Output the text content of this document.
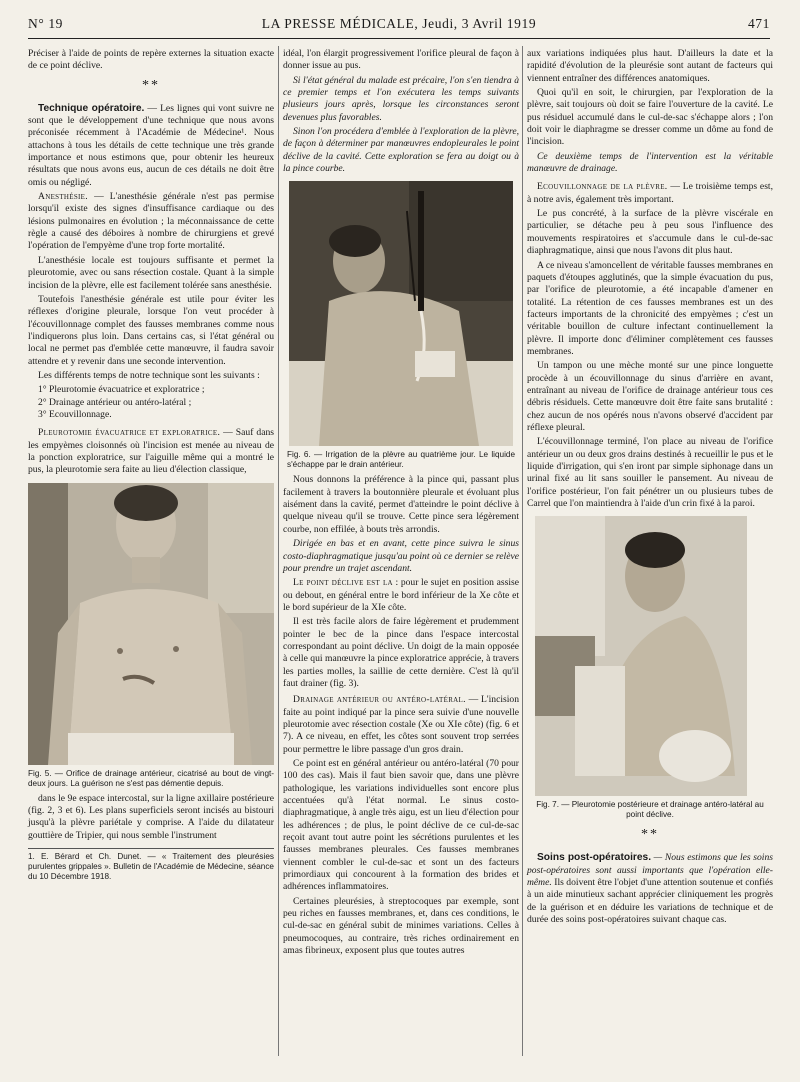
N° 19	LA PRESSE MÉDICALE, Jeudi, 3 Avril 1919	471

Préciser à l'aide de points de repère externes la situation exacte de ce point déclive.

**

Technique opératoire. — Les lignes qui vont suivre ne sont que le développement d'une technique que nous avons préconisée récemment à l'Académie de Médecine¹. Nous attachons à tous les détails de cette technique une très grande importance et nous estimons que, pour obtenir les heureux résultats que nous avons eus, aucun de ces détails ne doit être omis ou négligé.

Anesthésie. — L'anesthésie générale n'est pas permise lorsqu'il existe des signes d'insuffisance cardiaque ou des lésions pulmonaires en évolution ; la méconnaissance de cette règle a causé des déboires à nombre de chirurgiens et grevé l'opération de l'empyème d'une trop forte mortalité.

L'anesthésie locale est toujours suffisante et permet la pleurotomie, avec ou sans résection costale. Quant à la simple incision de la plèvre, elle est facilement tolérée sans anesthésie.

Toutefois l'anesthésie générale est utile pour éviter les réflexes d'origine pleurale, lorsque l'on veut procéder à l'écouvillonnage complet des fausses membranes comme nous l'indiquerons plus loin. Dans certains cas, si l'état général ou local ne permet pas d'emblée cette manœuvre, il faudra savoir attendre et y revenir dans une seconde intervention.

Les différents temps de notre technique sont les suivants :

1° Pleurotomie évacuatrice et exploratrice ;
2° Drainage antérieur ou antéro-latéral ;
3° Ecouvillonnage.

Pleurotomie évacuatrice et exploratrice. — Sauf dans les empyèmes cloisonnés où l'incision est menée au niveau de la ponction exploratrice, sur l'aiguille même qui a montré le pus, la pleurotomie sera faite au lieu d'élection classique,

Fig. 5. — Orifice de drainage antérieur, cicatrisé au bout de vingt-deux jours. La guérison ne s'est pas démentie depuis.

dans le 9e espace intercostal, sur la ligne axillaire postérieure (fig. 2, 3 et 6). Les plans superficiels seront incisés au bistouri jusqu'à la plèvre pariétale y comprise. A l'aide du dilatateur gouttière de Tripier, qui nous semble l'instrument

1. E. Bérard et Ch. Dunet. — « Traitement des pleurésies purulentes grippales ». Bulletin de l'Académie de Médecine, séance du 10 Décembre 1918.

idéal, l'on élargit progressivement l'orifice pleural de façon à donner issue au pus.

Si l'état général du malade est précaire, l'on s'en tiendra à ce premier temps et l'on exécutera les temps suivants plusieurs jours après, lorsque les circonstances seront devenues plus favorables.

Sinon l'on procédera d'emblée à l'exploration de la plèvre, de façon à déterminer par manœuvres endopleurales le point déclive de la cavité. Cette exploration se fera au doigt ou à la pince courbe.

Fig. 6. — Irrigation de la plèvre au quatrième jour. Le liquide s'échappe par le drain antérieur.

Nous donnons la préférence à la pince qui, passant plus facilement à travers la boutonnière pleurale et évoluant plus aisément dans la cavité, permet d'atteindre le point déclive à quelque niveau qu'il se trouve. Cette pince sera légèrement courbe, non effilée, à bouts très arrondis.

Dirigée en bas et en avant, cette pince suivra le sinus costo-diaphragmatique jusqu'au point où ce dernier se relève pour prendre un trajet ascendant.

Le point déclive est la : pour le sujet en position assise ou debout, en général entre le bord inférieur de la Xe côte et le bord supérieur de la XIe côte.

Il est très facile alors de faire légèrement et prudemment pointer le bec de la pince dans l'espace intercostal correspondant au point déclive. Un doigt de la main opposée à celle qui manœuvre la pince exploratrice apprécie, à travers les parties molles, la saillie de cette dernière. C'est là qu'il faut drainer (fig. 3).

Drainage antérieur ou antéro-latéral. — L'incision faite au point indiqué par la pince sera suivie d'une nouvelle pleurotomie avec résection costale (Xe ou XIe côte) (fig. 6 et 7). A ce niveau, en effet, les côtes sont souvent trop serrées pour permettre le libre passage d'un gros drain.

Ce point est en général antérieur ou antéro-latéral (70 pour 100 des cas). Mais il faut bien savoir que, dans une plèvre pathologique, les variations individuelles sont encore plus accentuées qu'à l'état normal. Le sinus costo-diaphragmatique, à angle très aigu, est un lieu d'élection pour les adhérences ; de plus, le point déclive de ce cul-de-sac reçoit avant tout autre point les sécrétions purulentes et les fausses membranes pleurales. Ces fausses membranes viennent combler le cul-de-sac et sont un des facteurs primordiaux qui concourent à la formation des brides et adhérences inflammatoires.

Certaines pleurésies, à streptocoques par exemple, sont peu riches en fausses membranes, et, dans ces conditions, le cul-de-sac en général subit de minimes variations. Celles à pneumocoques, au contraire, très riches ordinairement en amas fibrineux, exposent plus que toutes autres

aux variations indiquées plus haut. D'ailleurs la date et la rapidité d'évolution de la pleurésie sont autant de facteurs qui viennent entraîner des différences anatomiques.

Quoi qu'il en soit, le chirurgien, par l'exploration de la plèvre, sait toujours où doit se faire l'ouverture de la cavité. Le pus résiduel accumulé dans le cul-de-sac s'échappe alors ; l'on doit voir le diaphragme se dresser comme un dôme au fond de l'incision.

Ce deuxième temps de l'intervention est la véritable manœuvre de drainage.

Ecouvillonnage de la plèvre. — Le troisième temps est, à notre avis, également très important.

Le pus concrété, à la surface de la plèvre viscérale en particulier, se détache peu à peu sous l'influence des mouvements respiratoires et s'accumule dans le cul-de-sac diaphragmatique, ainsi que nous l'avons dit plus haut.

A ce niveau s'amoncellent de véritable fausses membranes en paquets d'étoupes agglutinés, que la simple évacuation du pus, par l'orifice de pleurotomie, a été incapable d'amener en totalité. La rétention de ces fausses membranes est un des facteurs importants de la chronicité des empyèmes ; c'est un véritable bouillon de culture infectant continuellement la plèvre. Il importe donc d'éliminer complètement ces fausses membranes.

Un tampon ou une mèche monté sur une pince longuette procède à un écouvillonnage du sinus d'arrière en avant, entraînant au niveau de l'orifice de drainage antérieur tous ces débris résiduels. Cette manœuvre doit être faite sans brutalité : chez aucun de nos opérés nous n'avons observé d'accident par réflexe pleural.

L'écouvillonnage terminé, l'on place au niveau de l'orifice antérieur un ou deux gros drains destinés à recueillir le pus et le liquide d'irrigation, qui s'en iront par simple siphonage dans un urinal fixé au lit sans souiller le pansement. Au niveau de l'orifice postérieur, l'on fait pénétrer un ou plusieurs tubes de Carrel que l'on maintiendra à l'aide d'un crin fixé à la paroi.

Fig. 7. — Pleurotomie postérieure et drainage antéro-latéral au point déclive.
**

Soins post-opératoires. — Nous estimons que les soins post-opératoires sont aussi importants que l'opération elle-même. Ils doivent être l'objet d'une attention soutenue et confiés à un aide minutieux sachant apprécier cliniquement les progrès de la guérison et en déduire les variations de technique et de durée des soins post-opératoires suivant chaque cas.
